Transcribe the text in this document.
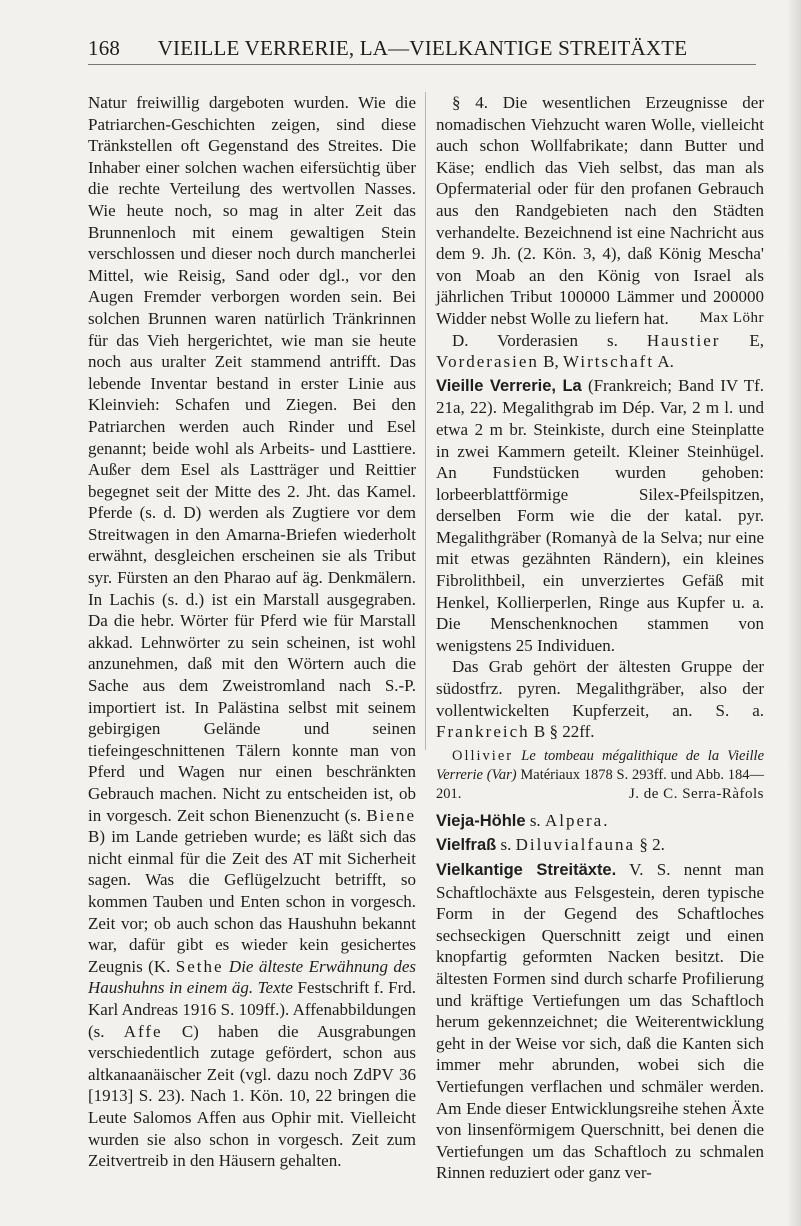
VIEILLE VERRERIE, LA—VIELKANTIGE STREITÄXTE
168

Natur freiwillig dargeboten wurden. Wie die Patriarchen-Geschichten zeigen, sind diese Tränkstellen oft Gegenstand des Streites. Die Inhaber einer solchen wachen eifersüchtig über die rechte Verteilung des wertvollen Nasses. Wie heute noch, so mag in alter Zeit das Brunnenloch mit einem gewaltigen Stein verschlossen und dieser noch durch mancherlei Mittel, wie Reisig, Sand oder dgl., vor den Augen Fremder verborgen worden sein. Bei solchen Brunnen waren natürlich Tränkrinnen für das Vieh hergerichtet, wie man sie heute noch aus uralter Zeit stammend antrifft. Das lebende Inventar bestand in erster Linie aus Kleinvieh: Schafen und Ziegen. Bei den Patriarchen werden auch Rinder und Esel genannt; beide wohl als Arbeits- und Lasttiere. Außer dem Esel als Lastträger und Reittier begegnet seit der Mitte des 2. Jht. das Kamel. Pferde (s. d. D) werden als Zugtiere vor dem Streitwagen in den Amarna-Briefen wiederholt erwähnt, desgleichen erscheinen sie als Tribut syr. Fürsten an den Pharao auf äg. Denkmälern. In Lachis (s. d.) ist ein Marstall ausgegraben. Da die hebr. Wörter für Pferd wie für Marstall akkad. Lehnwörter zu sein scheinen, ist wohl anzunehmen, daß mit den Wörtern auch die Sache aus dem Zweistromland nach S.-P. importiert ist. In Palästina selbst mit seinem gebirgigen Gelände und seinen tiefeingeschnittenen Tälern konnte man von Pferd und Wagen nur einen beschränkten Gebrauch machen. Nicht zu entscheiden ist, ob in vorgesch. Zeit schon Bienenzucht (s. Biene B) im Lande getrieben wurde; es läßt sich das nicht einmal für die Zeit des AT mit Sicherheit sagen. Was die Geflügelzucht betrifft, so kommen Tauben und Enten schon in vorgesch. Zeit vor; ob auch schon das Haushuhn bekannt war, dafür gibt es wieder kein gesichertes Zeugnis (K. Sethe Die älteste Erwähnung des Haushuhns in einem äg. Texte Festschrift f. Frd. Karl Andreas 1916 S. 109ff.). Affenabbildungen (s. Affe C) haben die Ausgrabungen verschiedentlich zutage gefördert, schon aus altkanaanäischer Zeit (vgl. dazu noch ZdPV 36 [1913] S. 23). Nach 1. Kön. 10, 22 bringen die Leute Salomos Affen aus Ophir mit. Vielleicht wurden sie also schon in vorgesch. Zeit zum Zeitvertreib in den Häusern gehalten.

§ 4. Die wesentlichen Erzeugnisse der nomadischen Viehzucht waren Wolle, vielleicht auch schon Wollfabrikate; dann Butter und Käse; endlich das Vieh selbst, das man als Opfermaterial oder für den profanen Gebrauch aus den Randgebieten nach den Städten verhandelte. Bezeichnend ist eine Nachricht aus dem 9. Jh. (2. Kön. 3, 4), daß König Mescha' von Moab an den König von Israel als jährlichen Tribut 100000 Lämmer und 200000 Widder nebst Wolle zu liefern hat.	Max Löhr

D. Vorderasien s. Haustier E, Vorderasien B, Wirtschaft A.

Vieille Verrerie, La (Frankreich; Band IV Tf. 21a, 22). Megalithgrab im Dép. Var, 2 m l. und etwa 2 m br. Steinkiste, durch eine Steinplatte in zwei Kammern geteilt. Kleiner Steinhügel. An Fundstücken wurden gehoben: lorbeerblattförmige Silex-Pfeilspitzen, derselben Form wie die der katal. pyr. Megalithgräber (Romanyà de la Selva; nur eine mit etwas gezähnten Rändern), ein kleines Fibrolithbeil, ein unverziertes Gefäß mit Henkel, Kollierperlen, Ringe aus Kupfer u. a. Die Menschenknochen stammen von wenigstens 25 Individuen.

Das Grab gehört der ältesten Gruppe der südostfrz. pyren. Megalithgräber, also der vollentwickelten Kupferzeit, an. S. a. Frankreich B § 22ff.

Ollivier Le tombeau mégalithique de la Vieille Verrerie (Var) Matériaux 1878 S. 293ff. und Abb. 184—201.	J. de C. Serra-Ràfols

Vieja-Höhle s. Alpera.

Vielfraß s. Diluvialfauna § 2.

Vielkantige Streitäxte. V. S. nennt man Schaftlochäxte aus Felsgestein, deren typische Form in der Gegend des Schaftloches sechseckigen Querschnitt zeigt und einen knopfartig geformten Nacken besitzt. Die ältesten Formen sind durch scharfe Profilierung und kräftige Vertiefungen um das Schaftloch herum gekennzeichnet; die Weiterentwicklung geht in der Weise vor sich, daß die Kanten sich immer mehr abrunden, wobei sich die Vertiefungen verflachen und schmäler werden. Am Ende dieser Entwicklungsreihe stehen Äxte von linsenförmigem Querschnitt, bei denen die Vertiefungen um das Schaftloch zu schmalen Rinnen reduziert oder ganz ver-
